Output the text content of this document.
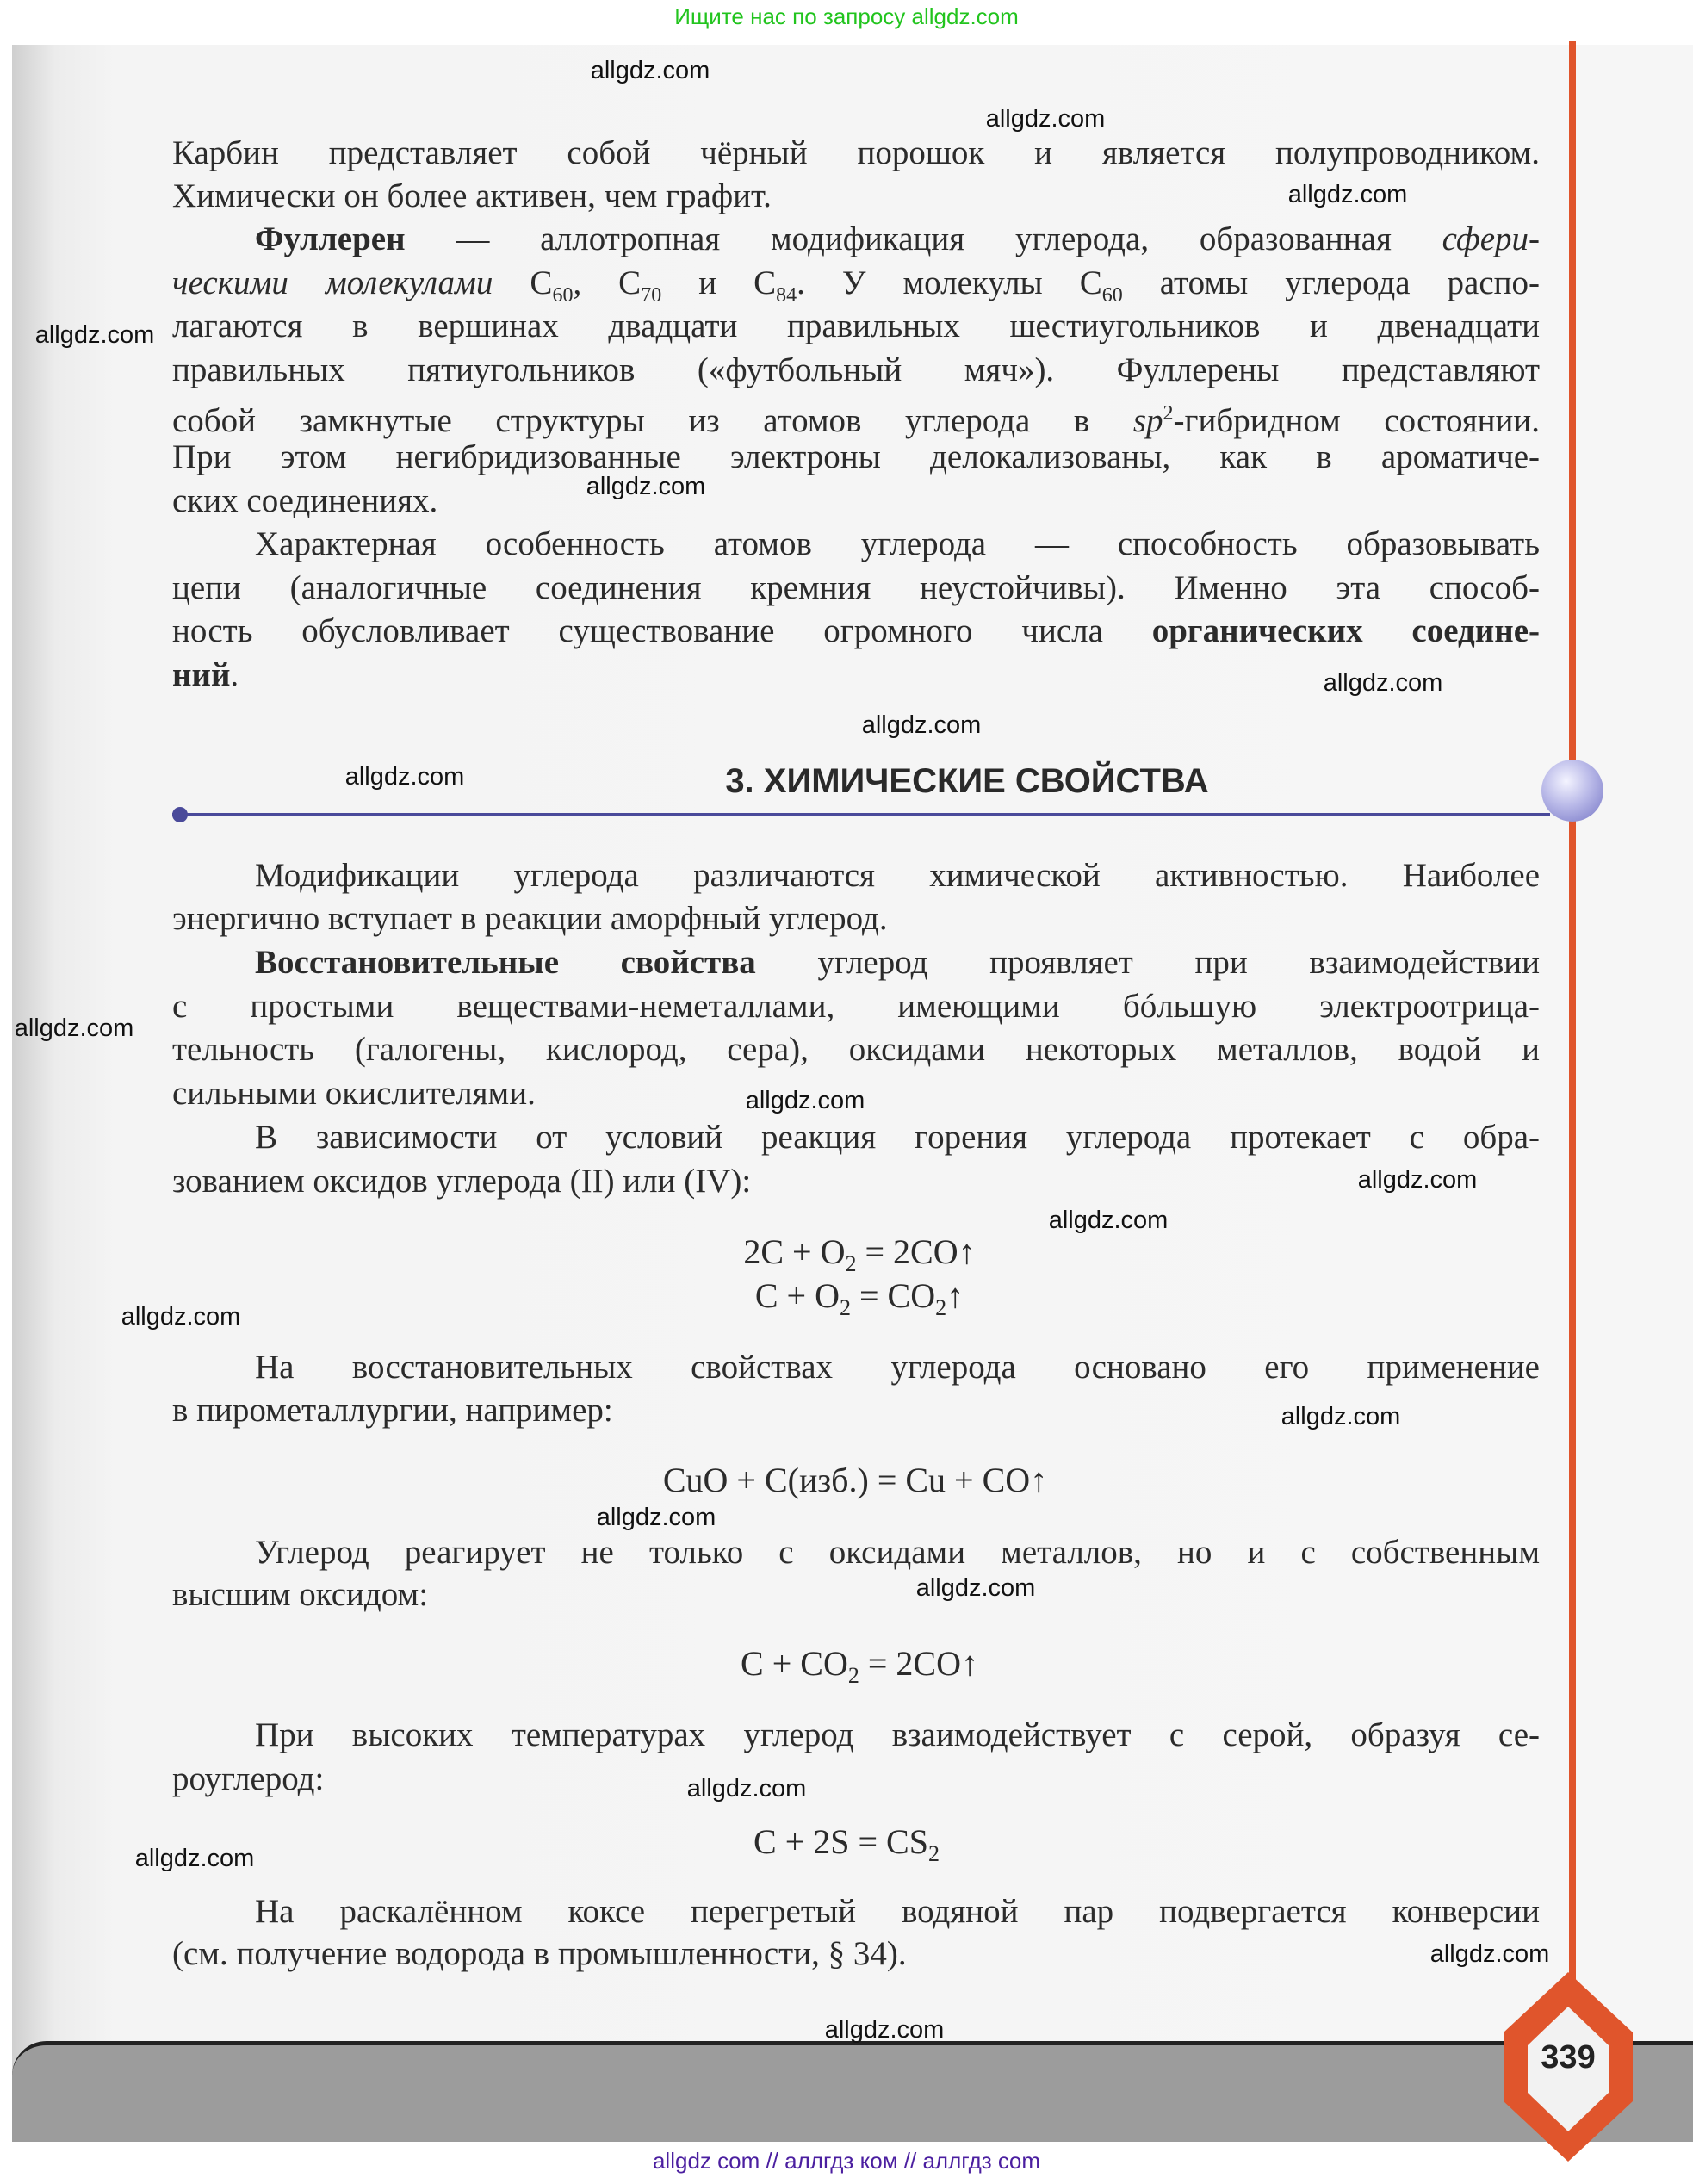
Ищите нас по запросу allgdz.com
3. ХИМИЧЕСКИЕ СВОЙСТВА
339
Карбин представляет собой чёрный порошок и является полупроводником.
Химически он более активен, чем графит.
Фуллерен — аллотропная модификация углерода, образованная сфери-
ческими молекулами $C_{60}$, $C_{70}$ и $C_{84}$. У молекулы $C_{60}$ атомы углерода распо-
лагаются в вершинах двадцати правильных шестиугольников и двенадцати
правильных пятиугольников («футбольный мяч»). Фуллерены представляют
собой замкнутые структуры из атомов углерода в $sp^2$-гибридном состоянии.
При этом негибридизованные электроны делокализованы, как в ароматиче-
ских соединениях.
Характерная особенность атомов углерода — способность образовывать
цепи (аналогичные соединения кремния неустойчивы). Именно эта способ-
ность обусловливает существование огромного числа органических соедине-
ний.
Модификации углерода различаются химической активностью. Наиболее
энергично вступает в реакции аморфный углерод.
Восстановительные свойства углерод проявляет при взаимодействии
с простыми веществами-неметаллами, имеющими бóльшую электроотрица-
тельность (галогены, кислород, сера), оксидами некоторых металлов, водой и
сильными окислителями.
В зависимости от условий реакция горения углерода протекает с обра-
зованием оксидов углерода (II) или (IV):
На восстановительных свойствах углерода основано его применение
в пирометаллургии, например:
Углерод реагирует не только с оксидами металлов, но и с собственным
высшим оксидом:
При высоких температурах углерод взаимодействует с серой, образуя се-
роуглерод:
На раскалённом коксе перегретый водяной пар подвергается конверсии
(см. получение водорода в промышленности, § 34).
$2C + O_2$ = 2CO↑
$C + O_2$ = $CO_2↑$
CuO + C(изб.) = Cu + CO↑
$C + CO_2$ = 2CO↑
$C + 2S = CS_2$
allgdz.com
allgdz.com
allgdz.com
allgdz.com
allgdz.com
allgdz.com
allgdz.com
allgdz.com
allgdz.com
allgdz.com
allgdz.com
allgdz.com
allgdz.com
allgdz.com
allgdz.com
allgdz.com
allgdz.com
allgdz.com
allgdz.com
allgdz.com
allgdz com // аллгдз ком // аллгдз com
